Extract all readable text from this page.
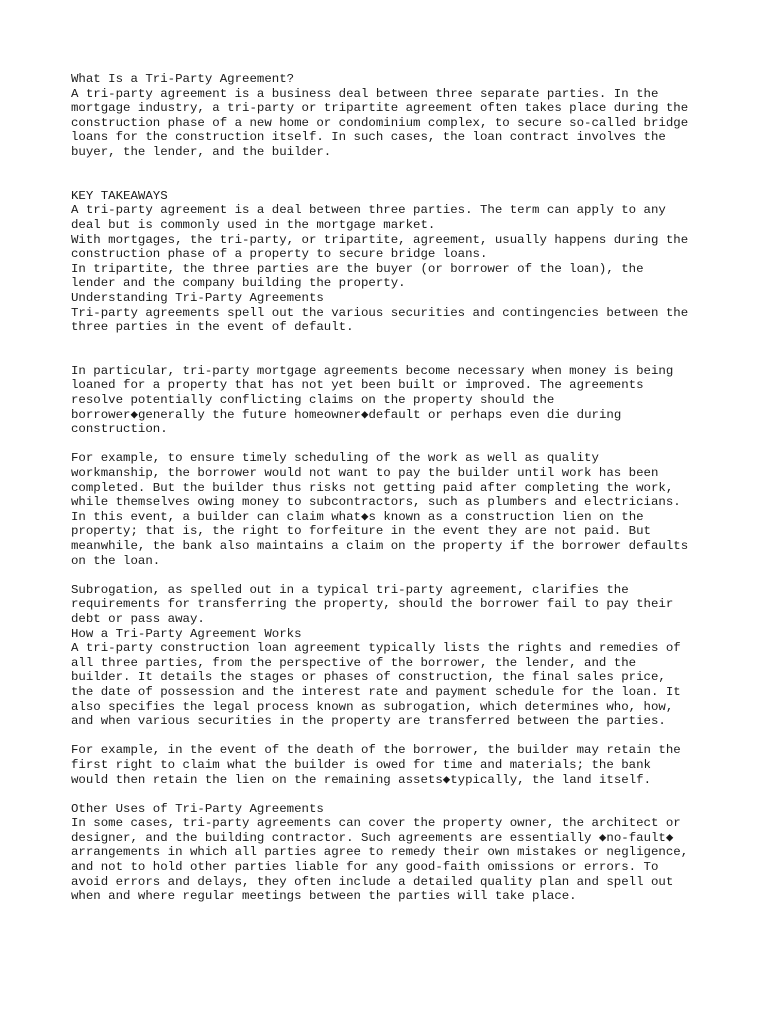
What Is a Tri-Party Agreement?
A tri-party agreement is a business deal between three separate parties. In the
mortgage industry, a tri-party or tripartite agreement often takes place during the
construction phase of a new home or condominium complex, to secure so-called bridge
loans for the construction itself. In such cases, the loan contract involves the
buyer, the lender, and the builder.
KEY TAKEAWAYS
A tri-party agreement is a deal between three parties. The term can apply to any
deal but is commonly used in the mortgage market.
With mortgages, the tri-party, or tripartite, agreement, usually happens during the
construction phase of a property to secure bridge loans.
In tripartite, the three parties are the buyer (or borrower of the loan), the
lender and the company building the property.
Understanding Tri-Party Agreements
Tri-party agreements spell out the various securities and contingencies between the
three parties in the event of default.
In particular, tri-party mortgage agreements become necessary when money is being
loaned for a property that has not yet been built or improved. The agreements
resolve potentially conflicting claims on the property should the
borrower◆generally the future homeowner◆default or perhaps even die during
construction.
For example, to ensure timely scheduling of the work as well as quality
workmanship, the borrower would not want to pay the builder until work has been
completed. But the builder thus risks not getting paid after completing the work,
while themselves owing money to subcontractors, such as plumbers and electricians.
In this event, a builder can claim what◆s known as a construction lien on the
property; that is, the right to forfeiture in the event they are not paid. But
meanwhile, the bank also maintains a claim on the property if the borrower defaults
on the loan.
Subrogation, as spelled out in a typical tri-party agreement, clarifies the
requirements for transferring the property, should the borrower fail to pay their
debt or pass away.
How a Tri-Party Agreement Works
A tri-party construction loan agreement typically lists the rights and remedies of
all three parties, from the perspective of the borrower, the lender, and the
builder. It details the stages or phases of construction, the final sales price,
the date of possession and the interest rate and payment schedule for the loan. It
also specifies the legal process known as subrogation, which determines who, how,
and when various securities in the property are transferred between the parties.
For example, in the event of the death of the borrower, the builder may retain the
first right to claim what the builder is owed for time and materials; the bank
would then retain the lien on the remaining assets◆typically, the land itself.
Other Uses of Tri-Party Agreements
In some cases, tri-party agreements can cover the property owner, the architect or
designer, and the building contractor. Such agreements are essentially ◆no-fault◆
arrangements in which all parties agree to remedy their own mistakes or negligence,
and not to hold other parties liable for any good-faith omissions or errors. To
avoid errors and delays, they often include a detailed quality plan and spell out
when and where regular meetings between the parties will take place.
